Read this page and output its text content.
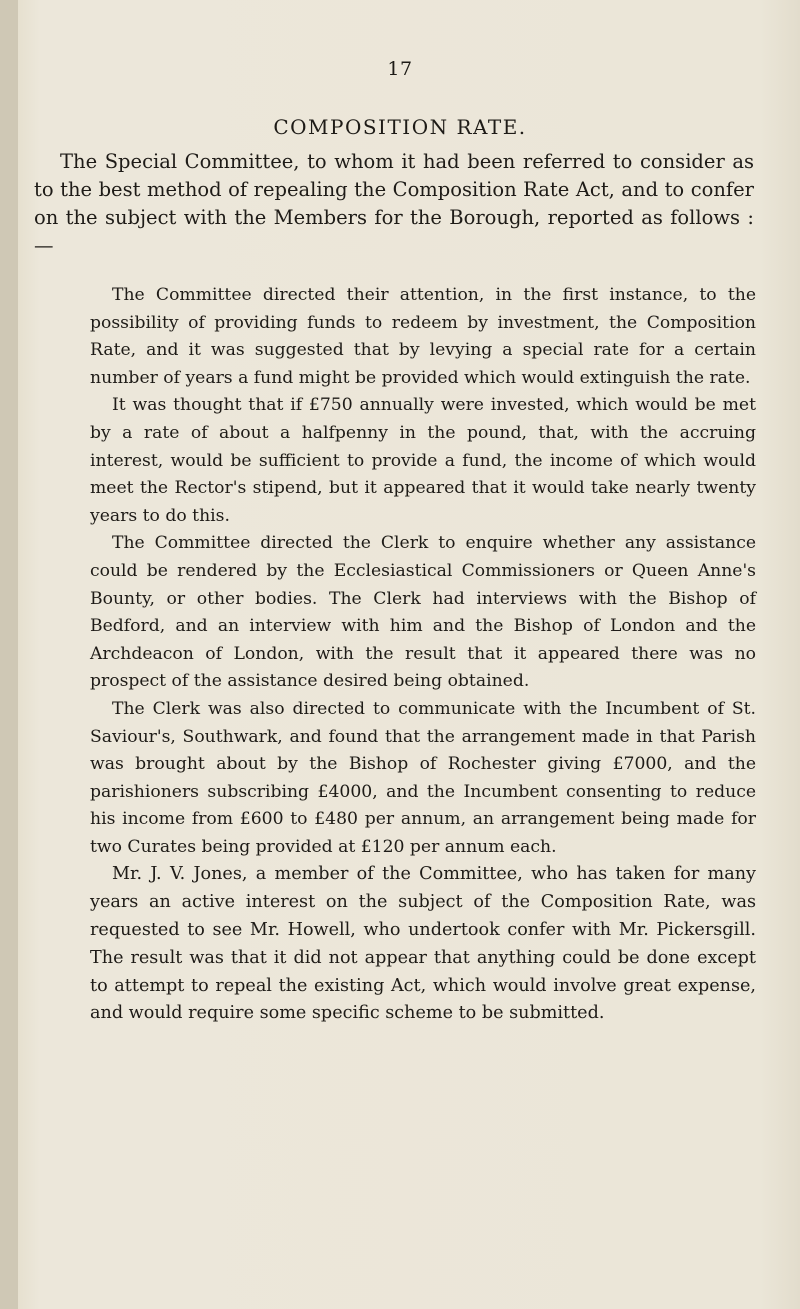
17
COMPOSITION RATE.

The Special Committee, to whom it had been referred to consider as to the best method of repealing the Composition Rate Act, and to confer on the subject with the Members for the Borough, reported as follows :—

The Committee directed their attention, in the first instance, to the possibility of providing funds to redeem by investment, the Composition Rate, and it was suggested that by levying a special rate for a certain number of years a fund might be provided which would extinguish the rate.

It was thought that if £750 annually were invested, which would be met by a rate of about a halfpenny in the pound, that, with the accruing interest, would be sufficient to provide a fund, the income of which would meet the Rector's stipend, but it appeared that it would take nearly twenty years to do this.

The Committee directed the Clerk to enquire whether any assistance could be rendered by the Ecclesiastical Commissioners or Queen Anne's Bounty, or other bodies. The Clerk had interviews with the Bishop of Bedford, and an interview with him and the Bishop of London and the Archdeacon of London, with the result that it appeared there was no prospect of the assistance desired being obtained.

The Clerk was also directed to communicate with the Incumbent of St. Saviour's, Southwark, and found that the arrangement made in that Parish was brought about by the Bishop of Rochester giving £7000, and the parishioners subscribing £4000, and the Incumbent consenting to reduce his income from £600 to £480 per annum, an arrangement being made for two Curates being provided at £120 per annum each.

Mr. J. V. Jones, a member of the Committee, who has taken for many years an active interest on the subject of the Composition Rate, was requested to see Mr. Howell, who undertook confer with Mr. Pickersgill. The result was that it did not appear that anything could be done except to attempt to repeal the existing Act, which would involve great expense, and would require some specific scheme to be submitted.
